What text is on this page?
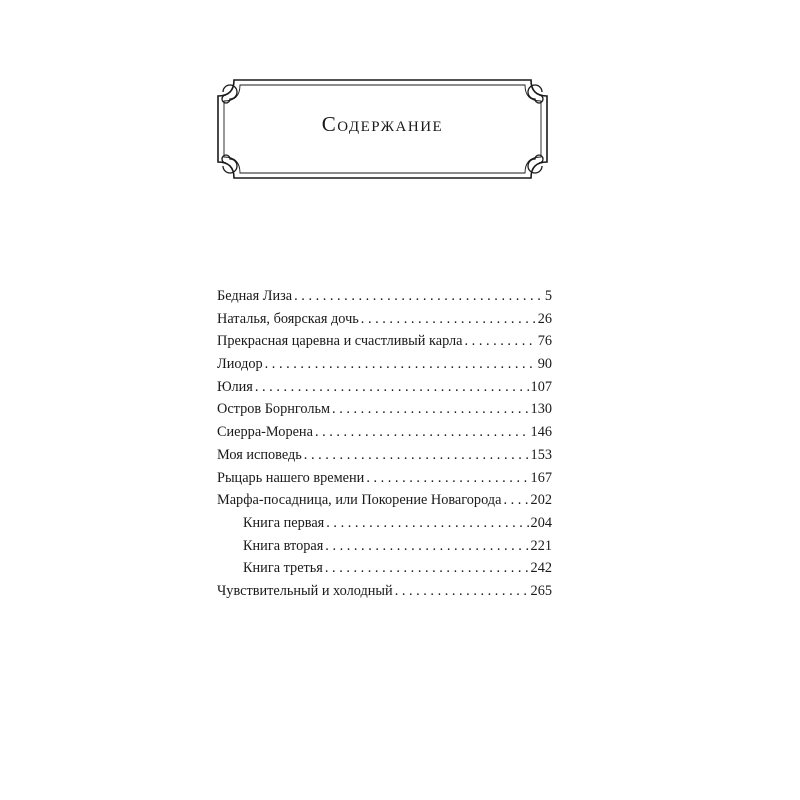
Содержание
Бедная Лиза . . .	5
Наталья, боярская дочь . . .	26
Прекрасная царевна и счастливый карла . . .	76
Лиодор . . .	90
Юлия . . .	107
Остров Борнгольм . . .	130
Сиерра-Морена . . .	146
Моя исповедь . . .	153
Рыцарь нашего времени . . .	167
Марфа-посадница, или Покорение Новагорода . . . 202
Книга первая . . .	204
Книга вторая . . .	221
Книга третья . . .	242
Чувствительный и холодный . . .	265
